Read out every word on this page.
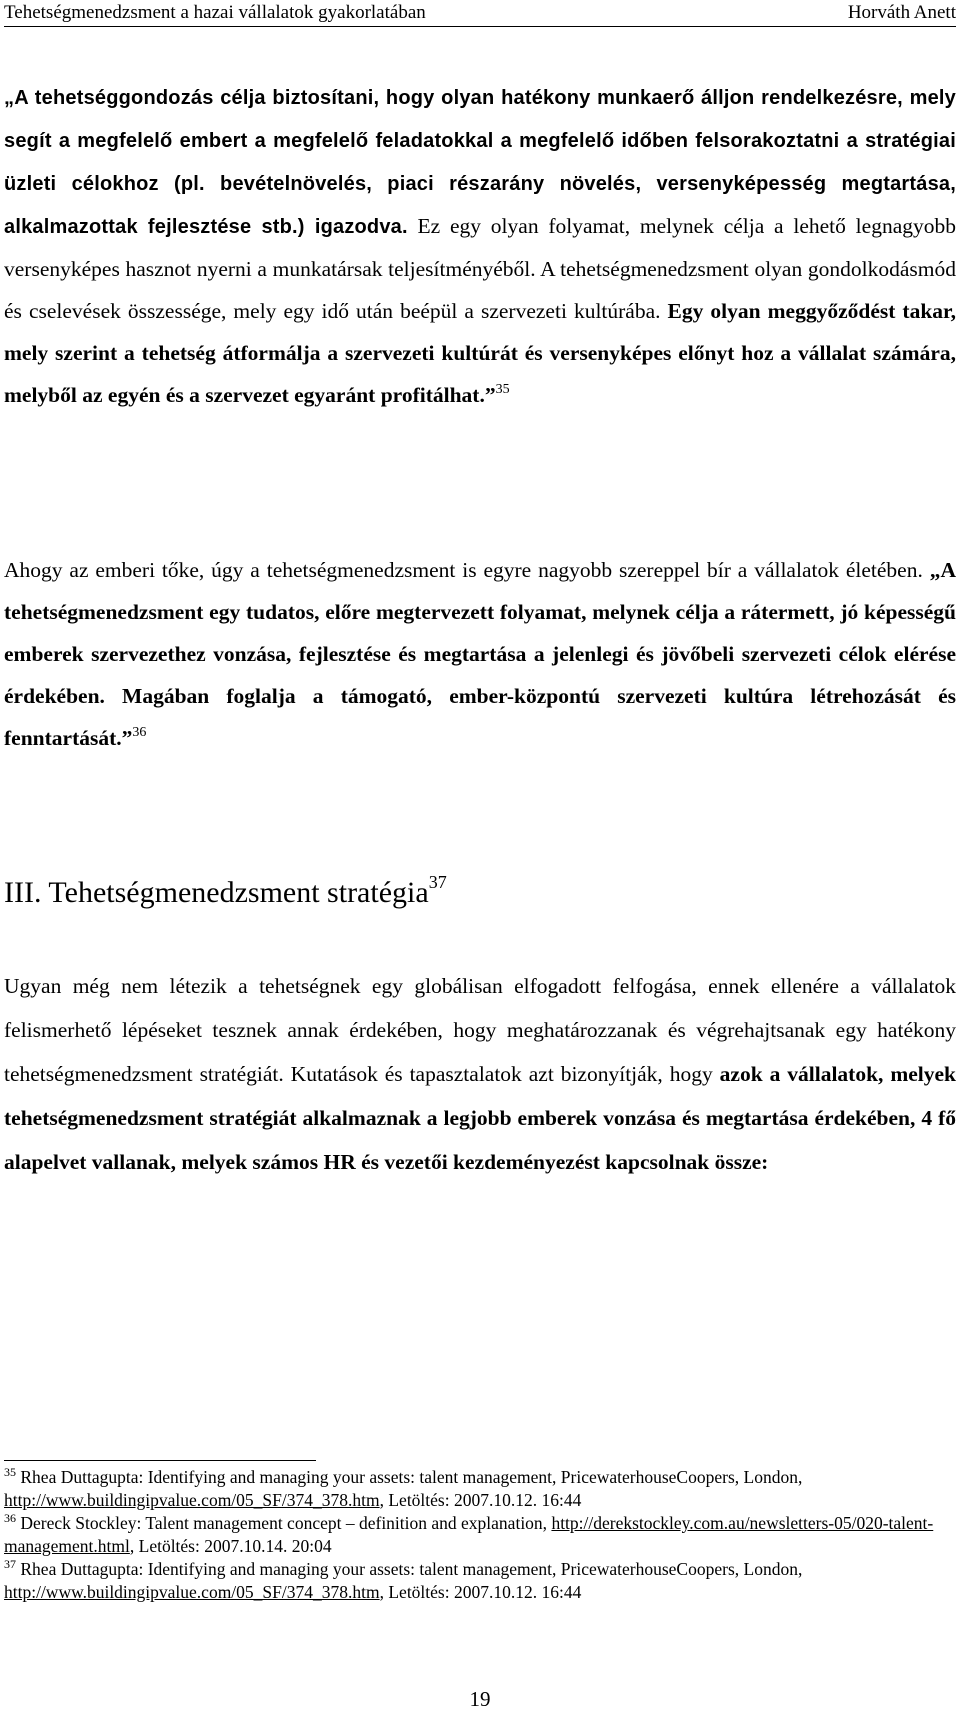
Tehetségmenedzsment a hazai vállalatok gyakorlatában	Horváth Anett
„A tehetséggondozás célja biztosítani, hogy olyan hatékony munkaerő álljon rendelkezésre, mely segít a megfelelő embert a megfelelő feladatokkal a megfelelő időben felsorakoztatni a stratégiai üzleti célokhoz (pl. bevételnövelés, piaci részarány növelés, versenyképesség megtartása, alkalmazottak fejlesztése stb.) igazodva. Ez egy olyan folyamat, melynek célja a lehető legnagyobb versenyképes hasznot nyerni a munkatársak teljesítményéből. A tehetségmenedzsment olyan gondolkodásmód és cselevések összessége, mely egy idő után beépül a szervezeti kultúrába. Egy olyan meggyőződést takar, mely szerint a tehetség átformálja a szervezeti kultúrát és versenyképes előnyt hoz a vállalat számára, melyből az egyén és a szervezet egyaránt profitálhat.”$^{35}$
Ahogy az emberi tőke, úgy a tehetségmenedzsment is egyre nagyobb szereppel bír a vállalatok életében. „A tehetségmenedzsment egy tudatos, előre megtervezett folyamat, melynek célja a rátermett, jó képességű emberek szervezethez vonzása, fejlesztése és megtartása a jelenlegi és jövőbeli szervezeti célok elérése érdekében. Magában foglalja a támogató, ember-központú szervezeti kultúra létrehozását és fenntartását.”$^{36}$
III. Tehetségmenedzsment stratégia$^{37}$
Ugyan még nem létezik a tehetségnek egy globálisan elfogadott felfogása, ennek ellenére a vállalatok felismerhető lépéseket tesznek annak érdekében, hogy meghatározzanak és végrehajtsanak egy hatékony tehetségmenedzsment stratégiát. Kutatások és tapasztalatok azt bizonyítják, hogy azok a vállalatok, melyek tehetségmenedzsment stratégiát alkalmaznak a legjobb emberek vonzása és megtartása érdekében, 4 fő alapelvet vallanak, melyek számos HR és vezetői kezdeményezést kapcsolnak össze:
$^{35}$ Rhea Duttagupta: Identifying and managing your assets: talent management, PricewaterhouseCoopers, London, http://www.buildingipvalue.com/05_SF/374_378.htm, Letöltés: 2007.10.12. 16:44
$^{36}$ Dereck Stockley: Talent management concept – definition and explanation, http://derekstockley.com.au/newsletters-05/020-talent-management.html, Letöltés: 2007.10.14. 20:04
$^{37}$ Rhea Duttagupta: Identifying and managing your assets: talent management, PricewaterhouseCoopers, London, http://www.buildingipvalue.com/05_SF/374_378.htm, Letöltés: 2007.10.12. 16:44
19
